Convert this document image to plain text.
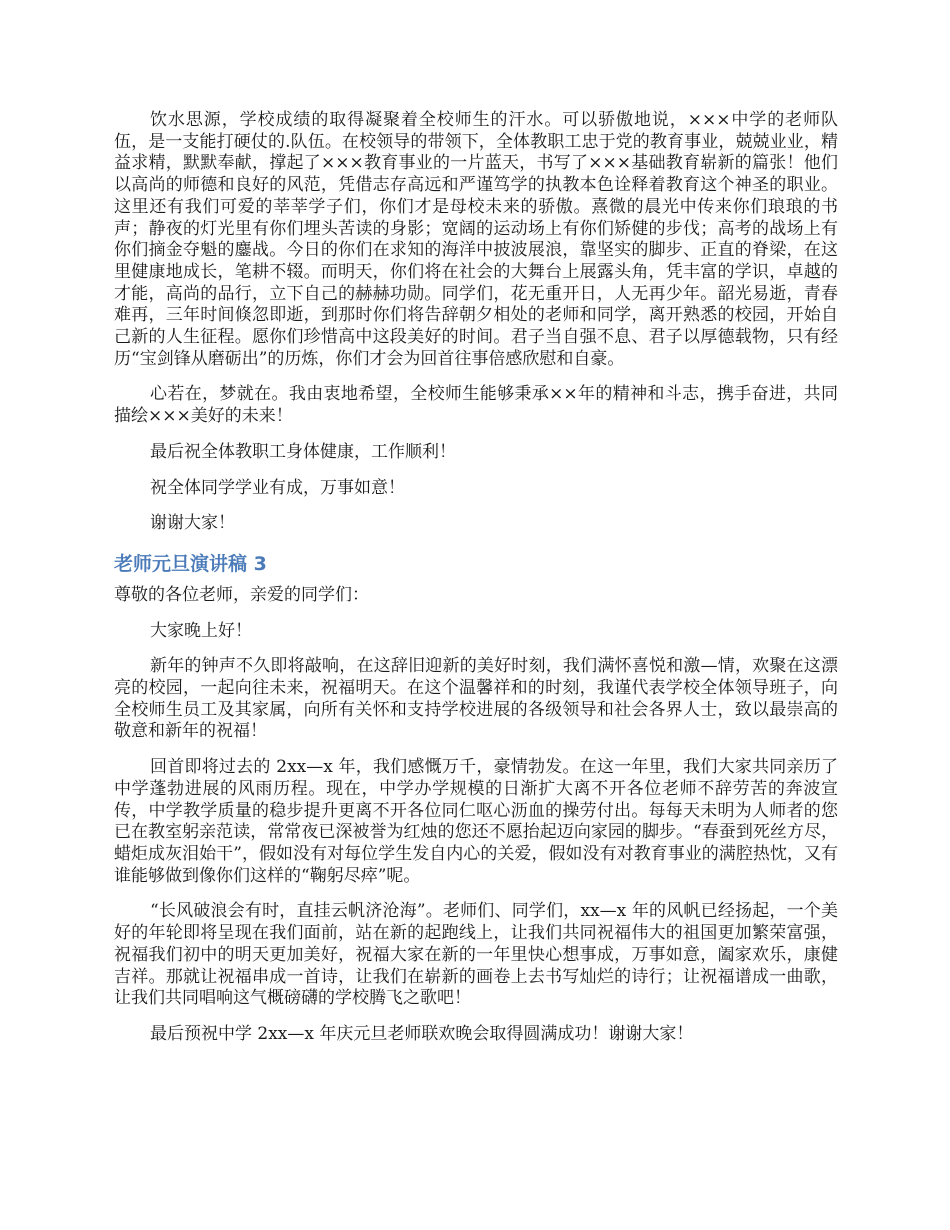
饮水思源，学校成绩的取得凝聚着全校师生的汗水。可以骄傲地说，×××中学的老师队伍，是一支能打硬仗的.队伍。在校领导的带领下，全体教职工忠于党的教育事业，兢兢业业，精益求精，默默奉献，撑起了×××教育事业的一片蓝天，书写了×××基础教育崭新的篇张！他们以高尚的师德和良好的风范，凭借志存高远和严谨笃学的执教本色诠释着教育这个神圣的职业。这里还有我们可爱的莘莘学子们，你们才是母校未来的骄傲。熹微的晨光中传来你们琅琅的书声；静夜的灯光里有你们埋头苦读的身影；宽阔的运动场上有你们矫健的步伐；高考的战场上有你们摘金夺魁的鏖战。今日的你们在求知的海洋中披波展浪，靠坚实的脚步、正直的脊梁，在这里健康地成长，笔耕不辍。而明天，你们将在社会的大舞台上展露头角，凭丰富的学识，卓越的才能，高尚的品行，立下自己的赫赫功勋。同学们，花无重开日，人无再少年。韶光易逝，青春难再，三年时间倏忽即逝，到那时你们将告辞朝夕相处的老师和同学，离开熟悉的校园，开始自己新的人生征程。愿你们珍惜高中这段美好的时间。君子当自强不息、君子以厚德载物，只有经历“宝剑锋从磨砺出”的历炼，你们才会为回首往事倍感欣慰和自豪。

心若在，梦就在。我由衷地希望，全校师生能够秉承××年的精神和斗志，携手奋进，共同描绘×××美好的未来！

最后祝全体教职工身体健康，工作顺利！

祝全体同学学业有成，万事如意！

谢谢大家！

老师元旦演讲稿 3

尊敬的各位老师，亲爱的同学们：

大家晚上好！

新年的钟声不久即将敲响，在这辞旧迎新的美好时刻，我们满怀喜悦和激—情，欢聚在这漂亮的校园，一起向往未来，祝福明天。在这个温馨祥和的时刻，我谨代表学校全体领导班子，向全校师生员工及其家属，向所有关怀和支持学校进展的各级领导和社会各界人士，致以最崇高的敬意和新年的祝福！

回首即将过去的 2xx—x 年，我们感慨万千，豪情勃发。在这一年里，我们大家共同亲历了中学蓬勃进展的风雨历程。现在，中学办学规模的日渐扩大离不开各位老师不辞劳苦的奔波宣传，中学教学质量的稳步提升更离不开各位同仁呕心沥血的操劳付出。每每天未明为人师者的您已在教室躬亲范读，常常夜已深被誉为红烛的您还不愿抬起迈向家园的脚步。“春蚕到死丝方尽，蜡炬成灰泪始干”，假如没有对每位学生发自内心的关爱，假如没有对教育事业的满腔热忱，又有谁能够做到像你们这样的“鞠躬尽瘁”呢。

“长风破浪会有时，直挂云帆济沧海”。老师们、同学们，xx—x 年的风帆已经扬起，一个美好的年轮即将呈现在我们面前，站在新的起跑线上，让我们共同祝福伟大的祖国更加繁荣富强，祝福我们初中的明天更加美好，祝福大家在新的一年里快心想事成，万事如意，阖家欢乐，康健吉祥。那就让祝福串成一首诗，让我们在崭新的画卷上去书写灿烂的诗行；让祝福谱成一曲歌，让我们共同唱响这气概磅礴的学校腾飞之歌吧！

最后预祝中学 2xx—x 年庆元旦老师联欢晚会取得圆满成功！谢谢大家！
